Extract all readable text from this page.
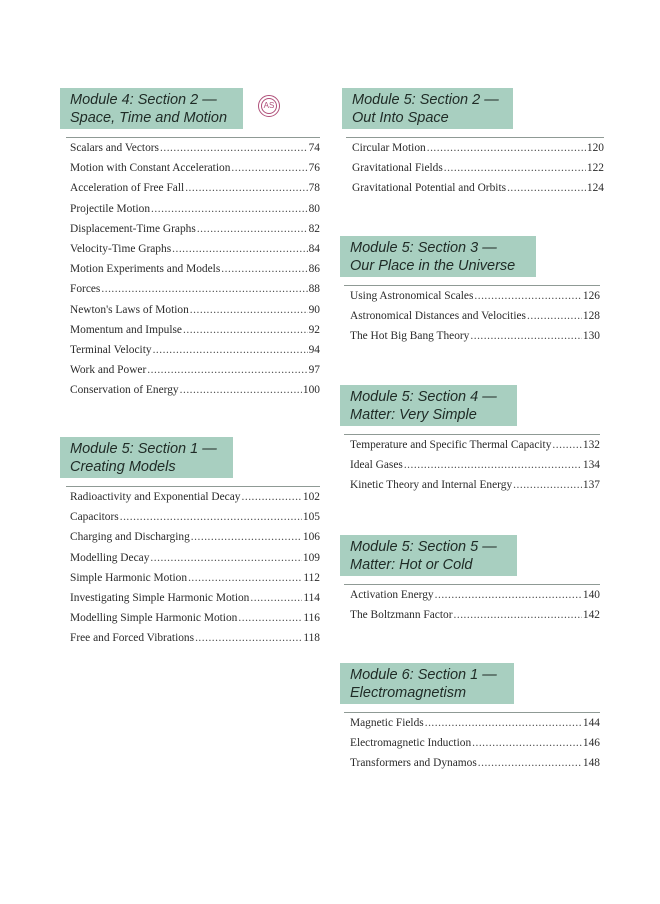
Module 4: Section 2 —
Space, Time and Motion
Scalars and Vectors .....	74
Motion with Constant Acceleration .....	76
Acceleration of Free Fall .....	78
Projectile Motion .....	80
Displacement-Time Graphs .....	82
Velocity-Time Graphs .....	84
Motion Experiments and Models .....	86
Forces .....	88
Newton's Laws of Motion .....	90
Momentum and Impulse .....	92
Terminal Velocity .....	94
Work and Power .....	97
Conservation of Energy .....	100
AS
Module 5: Section 1 —
Creating Models
Radioactivity and Exponential Decay .....	102
Capacitors .....	105
Charging and Discharging .....	106
Modelling Decay .....	109
Simple Harmonic Motion .....	112
Investigating Simple Harmonic Motion .....	114
Modelling Simple Harmonic Motion .....	116
Free and Forced Vibrations .....	118
Module 5: Section 2 —
Out Into Space
Circular Motion .....	120
Gravitational Fields .....	122
Gravitational Potential and Orbits .....	124
Module 5: Section 3 —
Our Place in the Universe
Using Astronomical Scales .....	126
Astronomical Distances and Velocities .....	128
The Hot Big Bang Theory .....	130
Module 5: Section 4 —
Matter: Very Simple
Temperature and Specific Thermal Capacity .....	132
Ideal Gases .....	134
Kinetic Theory and Internal Energy .....	137
Module 5: Section 5 —
Matter: Hot or Cold
Activation Energy .....	140
The Boltzmann Factor .....	142
Module 6: Section 1 —
Electromagnetism
Magnetic Fields .....	144
Electromagnetic Induction .....	146
Transformers and Dynamos .....	148
